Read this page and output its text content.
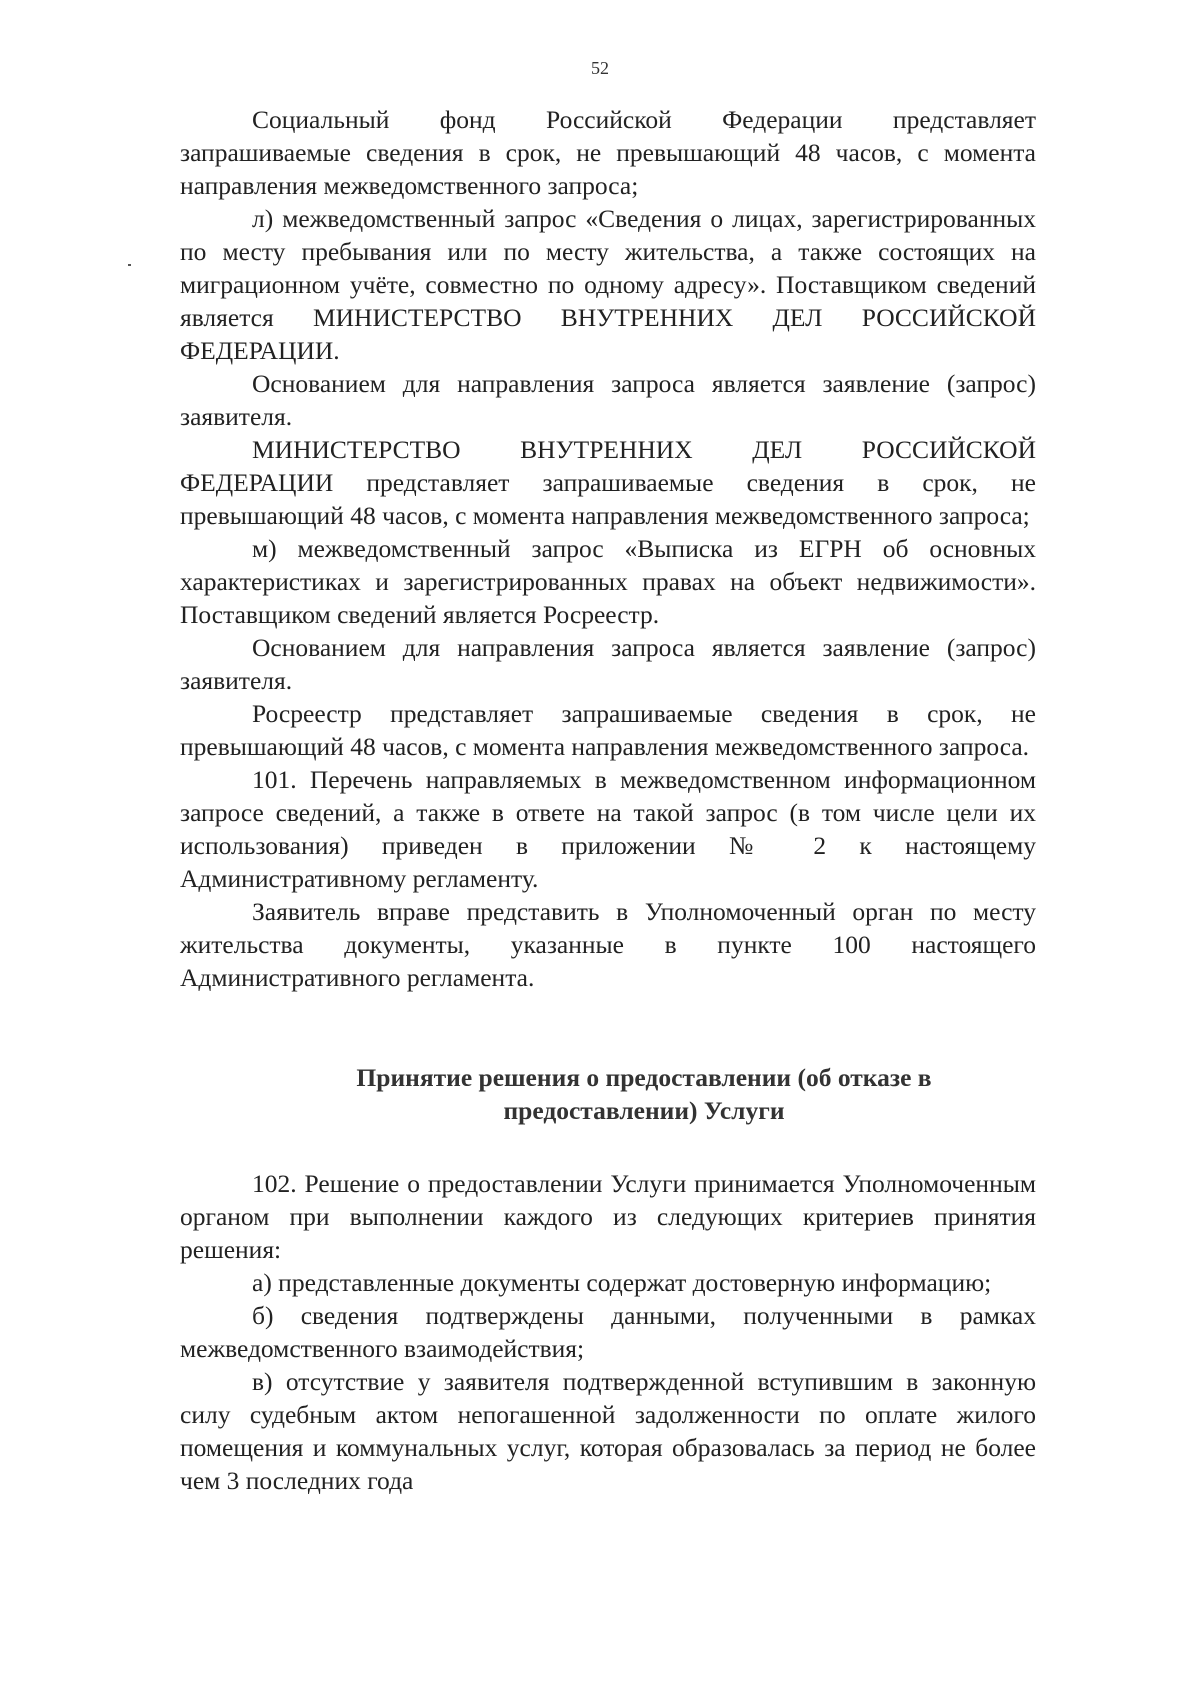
52

Социальный фонд Российской Федерации представляет запрашиваемые сведения в срок, не превышающий 48 часов, с момента направления межведомственного запроса;

л) межведомственный запрос «Сведения о лицах, зарегистрированных по месту пребывания или по месту жительства, а также состоящих на миграционном учёте, совместно по одному адресу». Поставщиком сведений является МИНИСТЕРСТВО ВНУТРЕННИХ ДЕЛ РОССИЙСКОЙ ФЕДЕРАЦИИ.

Основанием для направления запроса является заявление (запрос) заявителя.

МИНИСТЕРСТВО ВНУТРЕННИХ ДЕЛ РОССИЙСКОЙ ФЕДЕРАЦИИ представляет запрашиваемые сведения в срок, не превышающий 48 часов, с момента направления межведомственного запроса;

м) межведомственный запрос «Выписка из ЕГРН об основных характеристиках и зарегистрированных правах на объект недвижимости». Поставщиком сведений является Росреестр.

Основанием для направления запроса является заявление (запрос) заявителя.

Росреестр представляет запрашиваемые сведения в срок, не превышающий 48 часов, с момента направления межведомственного запроса.

101. Перечень направляемых в межведомственном информационном запросе сведений, а также в ответе на такой запрос (в том числе цели их использования) приведен в приложении № 2 к настоящему Административному регламенту.

Заявитель вправе представить в Уполномоченный орган по месту жительства документы, указанные в пункте 100 настоящего Административного регламента.

Принятие решения о предоставлении (об отказе в
предоставлении) Услуги

102. Решение о предоставлении Услуги принимается Уполномоченным органом при выполнении каждого из следующих критериев принятия решения:

а) представленные документы содержат достоверную информацию;

б) сведения подтверждены данными, полученными в рамках межведомственного взаимодействия;

в) отсутствие у заявителя подтвержденной вступившим в законную силу судебным актом непогашенной задолженности по оплате жилого помещения и коммунальных услуг, которая образовалась за период не более чем 3 последних года
